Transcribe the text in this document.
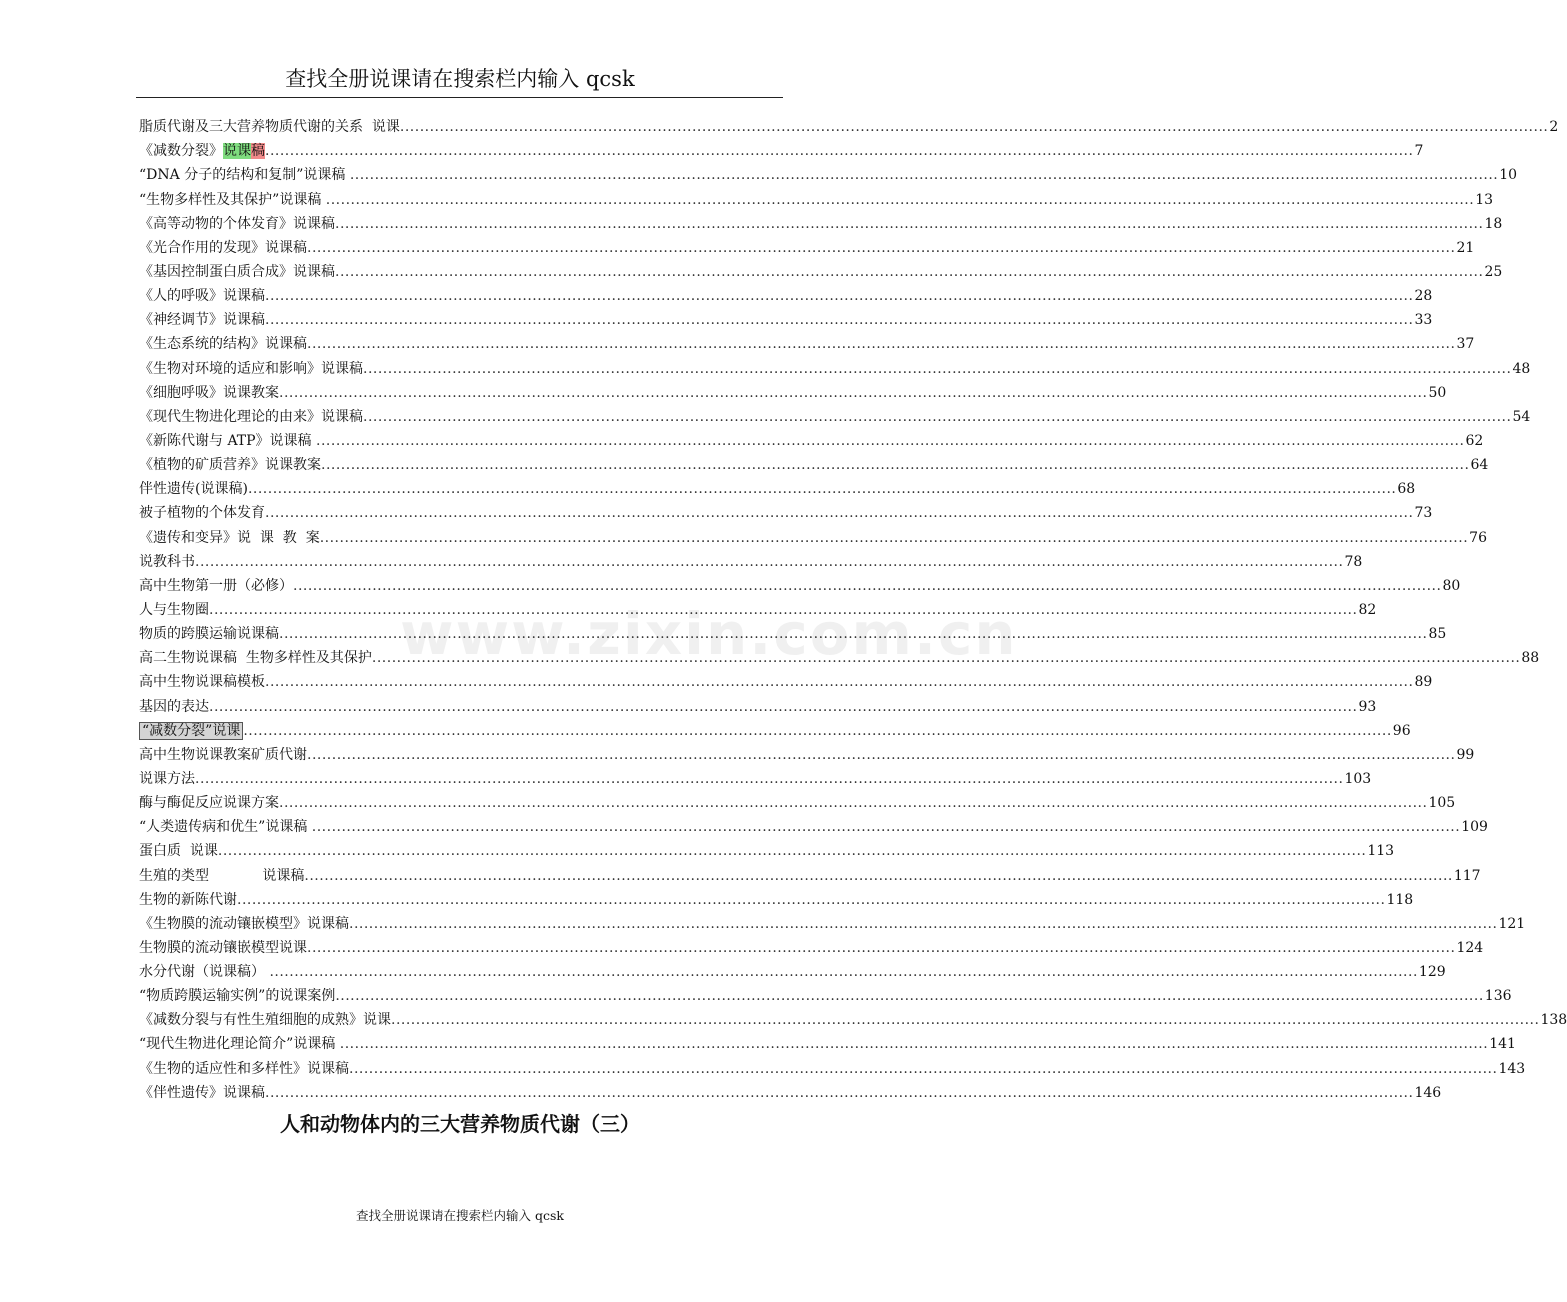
www.zixin.com.cn
查找全册说课请在搜索栏内输入 qcsk
脂质代谢及三大营养物质代谢的关系  说课 .....	2
《减数分裂》说课稿 .....	7
“DNA 分子的结构和复制”说课稿 .....	10
“生物多样性及其保护”说课稿 .....	13
《高等动物的个体发育》说课稿 .....	18
《光合作用的发现》说课稿 .....	21
《基因控制蛋白质合成》说课稿 .....	25
《人的呼吸》说课稿 .....	28
《神经调节》说课稿 .....	33
《生态系统的结构》说课稿 .....	37
《生物对环境的适应和影响》说课稿 .....	48
《细胞呼吸》说课教案 .....	50
《现代生物进化理论的由来》说课稿 .....	54
《新陈代谢与 ATP》说课稿 .....	62
《植物的矿质营养》说课教案 .....	64
伴性遗传(说课稿) .....	68
被子植物的个体发育 .....	73
《遗传和变异》说  课  教  案 .....	76
说教科书 .....	78
高中生物第一册（必修） .....	80
人与生物圈 .....	82
物质的跨膜运输说课稿 .....	85
高二生物说课稿  生物多样性及其保护 .....	88
高中生物说课稿模板 .....	89
基因的表达 .....	93
“减数分裂”说课 .....	96
高中生物说课教案矿质代谢 .....	99
说课方法 .....	103
酶与酶促反应说课方案 .....	105
“人类遗传病和优生”说课稿 .....	109
蛋白质  说课 .....	113
生殖的类型            说课稿 .....	117
生物的新陈代谢 .....	118
《生物膜的流动镶嵌模型》说课稿 .....	121
生物膜的流动镶嵌模型说课 .....	124
水分代谢（说课稿） .....	129
“物质跨膜运输实例”的说课案例 .....	136
《减数分裂与有性生殖细胞的成熟》说课 .....	138
“现代生物进化理论简介”说课稿 .....	141
《生物的适应性和多样性》说课稿 .....	143
《伴性遗传》说课稿 .....	146
人和动物体内的三大营养物质代谢（三）
查找全册说课请在搜索栏内输入 qcsk
